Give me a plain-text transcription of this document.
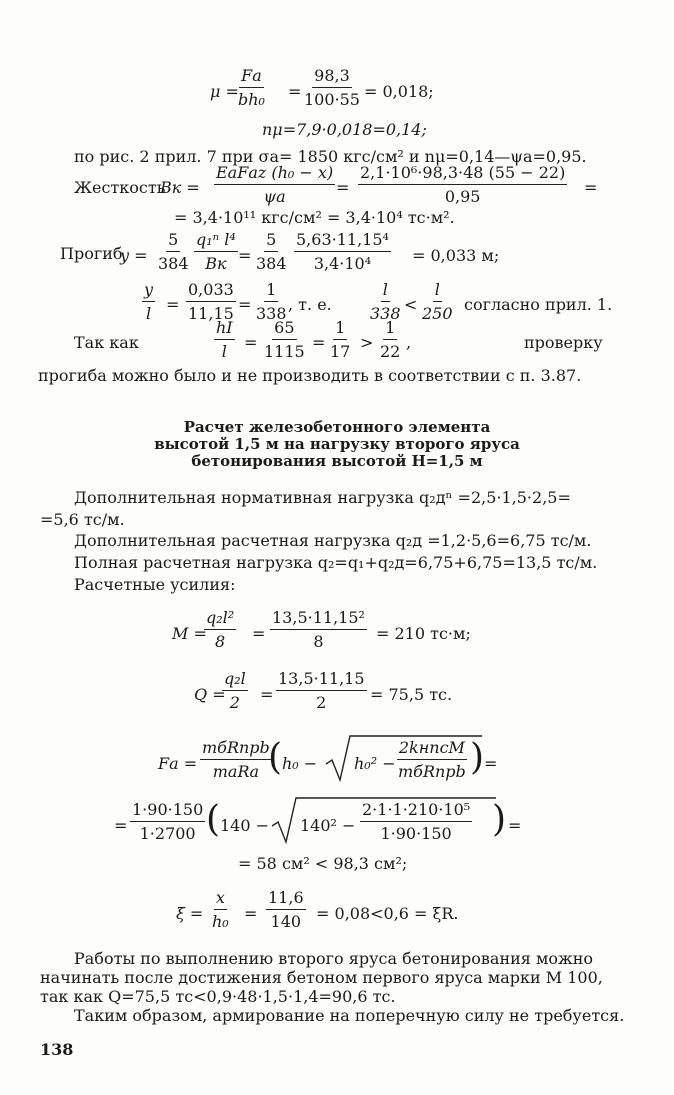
μ =
Fа
$bh_0 = \frac{98,3}{100\cdot 55} = 0,018$;
nμ=7,9·0,018=0,14;
по рис. 2 прил. 7 при σа= 1850 кгс/см² и nμ=0,14—ψа=0,95.
Жесткость
Bк =
EаFаz (h₀ − x)
ψа	= $\frac{\text{2,1·10⁶·98,3·48 (55 − 22)}}{0,95}$ =
= 3,4·10¹¹ кгс/см² = 3,4·10⁴ тс·м².
Прогиб
$y = \frac{5}{384} q_1^n$ l⁴
Bк = $\frac{5}{384} \frac{\text{5,63·11,15⁴}}{\text{3,4·10⁴}} = 0,033$ м;
$\frac{y}{l} = \frac{0,033}{11,15} = \frac{1}{338}$ , т. е. $\frac{l}{338} < \frac{l}{250}$ согласно прил. 1.
Так как	$\frac{hI}{l} = \frac{65}{1115} = \frac{1}{17} > \frac{1}{22}$ ,	проверку
прогиба можно было и не производить в соответствии с п. 3.87.
Расчет железобетонного элемента
высотой 1,5 м на нагрузку второго яруса
бетонирования высотой H=1,5 м
Дополнительная нормативная нагрузка q₂дⁿ =2,5·1,5·2,5=
=5,6 тс/м.
Дополнительная расчетная нагрузка q₂д =1,2·5,6=6,75 тс/м.
Полная расчетная нагрузка q₂=q₁+q₂д=6,75+6,75=13,5 тс/м.
Расчетные усилия:
M =
$\frac{\text{q₂l²}}{8} = \frac{\text{13,5·11,15²}}{8} = 210$ тс·м;
Q =
$\frac{\text{q₂l}}{2} = \frac{13,5\cdot 11,15}{2} = 75,5$ тс.
Fа =
mбRпрb
mаRа ( h₀ − h₀² −
2kнnсM
mбRпрb ) =
= $\frac{1\cdot 90\cdot 150}{1\cdot 2700}$ ( $140 - 140^2 - \frac{\text{2·1·1·210·10⁵}}{1\cdot 90\cdot 150}$ ) =
= 58 см² < 98,3 см²;
$\xi = \frac{x}{\text{h₀}} = \frac{11,6}{140} = 0,08<0,6 = \xi R$.
Работы по выполнению второго яруса бетонирования можно
начинать после достижения бетоном первого яруса марки М 100,
так как Q=75,5 тс<0,9·48·1,5·1,4=90,6 тс.
Таким образом, армирование на поперечную силу не требуется.
138
